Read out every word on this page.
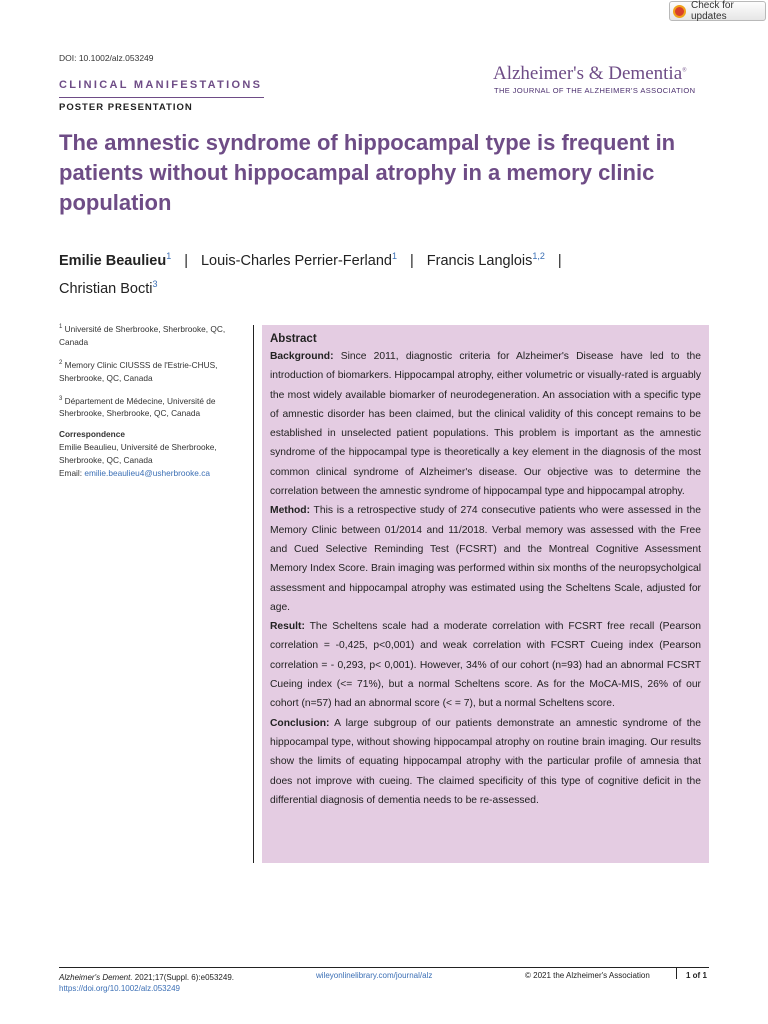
Check for updates
DOI: 10.1002/alz.053249
CLINICAL MANIFESTATIONS
POSTER PRESENTATION
Alzheimer's & Dementia®
THE JOURNAL OF THE ALZHEIMER'S ASSOCIATION
The amnestic syndrome of hippocampal type is frequent in patients without hippocampal atrophy in a memory clinic population
Emilie Beaulieu$^1$ | Louis-Charles Perrier-Ferland$^1$ | Francis Langlois$^{1,2}$ |
Christian Bocti$^3$

$^1$ Université de Sherbrooke, Sherbrooke, QC, Canada

$^2$ Memory Clinic CIUSSS de l'Estrie-CHUS, Sherbrooke, QC, Canada

$^3$ Département de Médecine, Université de Sherbrooke, Sherbrooke, QC, Canada

Correspondence
Emilie Beaulieu, Université de Sherbrooke,
Sherbrooke, QC, Canada
Email: emilie.beaulieu4@usherbrooke.ca
Abstract

Background: Since 2011, diagnostic criteria for Alzheimer's Disease have led to the introduction of biomarkers. Hippocampal atrophy, either volumetric or visually-rated is arguably the most widely available biomarker of neurodegeneration. An association with a specific type of amnestic disorder has been claimed, but the clinical validity of this concept remains to be established in unselected patient populations. This problem is important as the amnestic syndrome of the hippocampal type is theoretically a key element in the diagnosis of the most common clinical syndrome of Alzheimer's disease. Our objective was to determine the correlation between the amnestic syndrome of hippocampal type and hippocampal atrophy.

Method: This is a retrospective study of 274 consecutive patients who were assessed in the Memory Clinic between 01/2014 and 11/2018. Verbal memory was assessed with the Free and Cued Selective Reminding Test (FCSRT) and the Montreal Cognitive Assessment Memory Index Score. Brain imaging was performed within six months of the neuropsycholgical assessment and hippocampal atrophy was estimated using the Scheltens Scale, adjusted for age.

Result: The Scheltens scale had a moderate correlation with FCSRT free recall (Pearson correlation = -0,425, p<0,001) and weak correlation with FCSRT Cueing index (Pearson correlation = - 0,293, p< 0,001). However, 34% of our cohort (n=93) had an abnormal FCSRT Cueing index (<= 71%), but a normal Scheltens score. As for the MoCA-MIS, 26% of our cohort (n=57) had an abnormal score (< = 7), but a normal Scheltens score.

Conclusion: A large subgroup of our patients demonstrate an amnestic syndrome of the hippocampal type, without showing hippocampal atrophy on routine brain imaging. Our results show the limits of equating hippocampal atrophy with the particular profile of amnesia that does not improve with cueing. The claimed specificity of this type of cognitive deficit in the differential diagnosis of dementia needs to be re-assessed.

Alzheimer's Dement. 2021;17(Suppl. 6):e053249.
https://doi.org/10.1002/alz.053249
wileyonlinelibrary.com/journal/alz	© 2021 the Alzheimer's Association	1 of 1
